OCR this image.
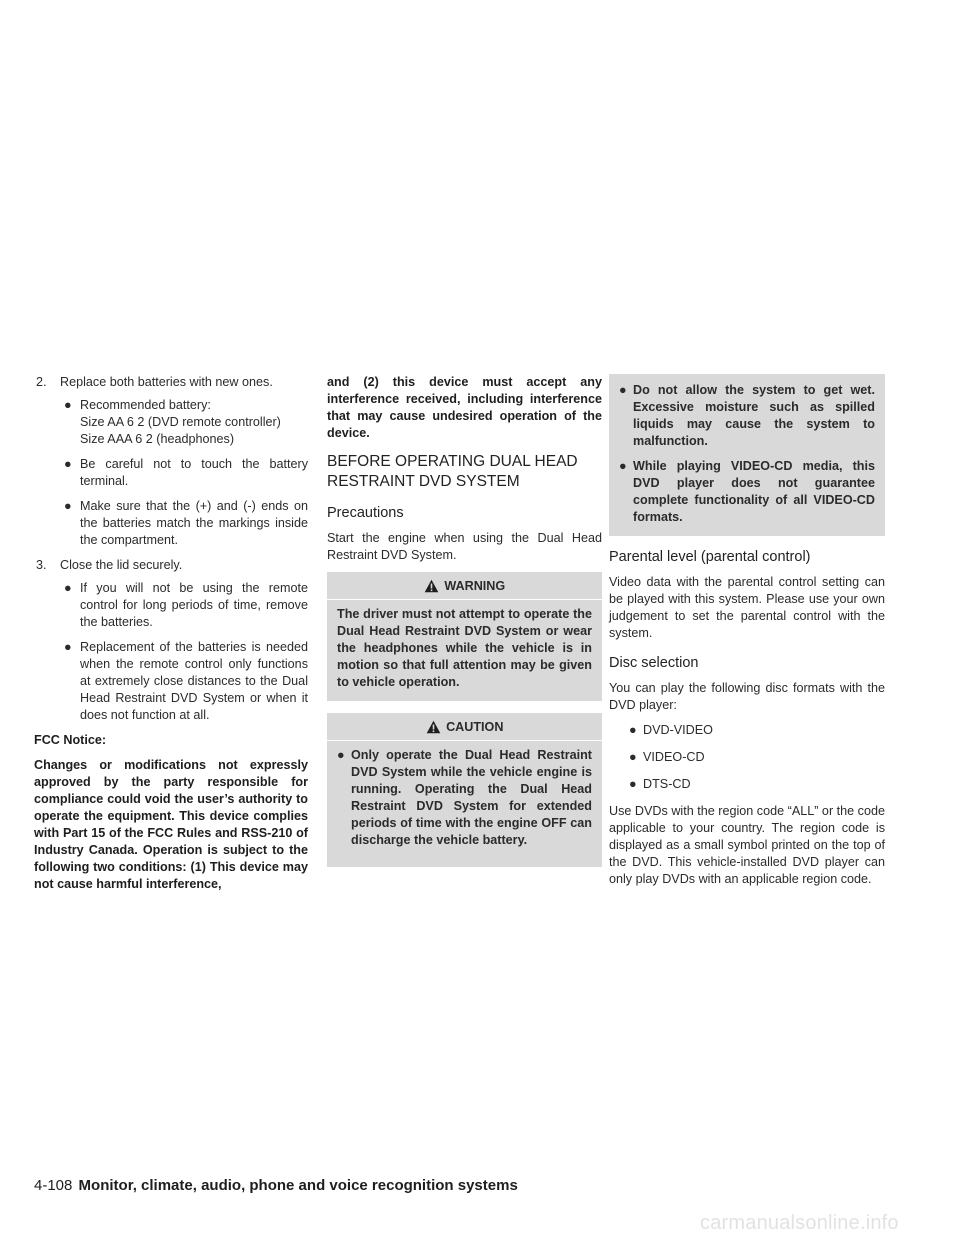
2.	Replace both batteries with new ones.
● Recommended battery:
Size AA 6 2 (DVD remote controller)
Size AAA 6 2 (headphones)
● Be careful not to touch the battery terminal.
● Make sure that the (+) and (-) ends on the batteries match the markings inside the compartment.
3.	Close the lid securely.
● If you will not be using the remote control for long periods of time, remove the batteries.
● Replacement of the batteries is needed when the remote control only functions at extremely close distances to the Dual Head Restraint DVD System or when it does not function at all.

FCC Notice:

Changes or modifications not expressly approved by the party responsible for compliance could void the user’s authority to operate the equipment. This device complies with Part 15 of the FCC Rules and RSS-210 of Industry Canada. Operation is subject to the following two conditions: (1) This device may not cause harmful interference,

and (2) this device must accept any interference received, including interference that may cause undesired operation of the device.

BEFORE OPERATING DUAL HEAD RESTRAINT DVD SYSTEM
Precautions

Start the engine when using the Dual Head Restraint DVD System.

WARNING

The driver must not attempt to operate the Dual Head Restraint DVD System or wear the headphones while the vehicle is in motion so that full attention may be given to vehicle operation.

CAUTION
● Only operate the Dual Head Restraint DVD System while the vehicle engine is running. Operating the Dual Head Restraint DVD System for extended periods of time with the engine OFF can discharge the vehicle battery.
● Do not allow the system to get wet. Excessive moisture such as spilled liquids may cause the system to malfunction.
● While playing VIDEO-CD media, this DVD player does not guarantee complete functionality of all VIDEO-CD formats.
Parental level (parental control)

Video data with the parental control setting can be played with this system. Please use your own judgement to set the parental control with the system.

Disc selection

You can play the following disc formats with the DVD player:

● DVD-VIDEO
● VIDEO-CD
● DTS-CD

Use DVDs with the region code “ALL” or the code applicable to your country. The region code is displayed as a small symbol printed on the top of the DVD. This vehicle-installed DVD player can only play DVDs with an applicable region code.

4-108 Monitor, climate, audio, phone and voice recognition systems
carmanualsonline.info
